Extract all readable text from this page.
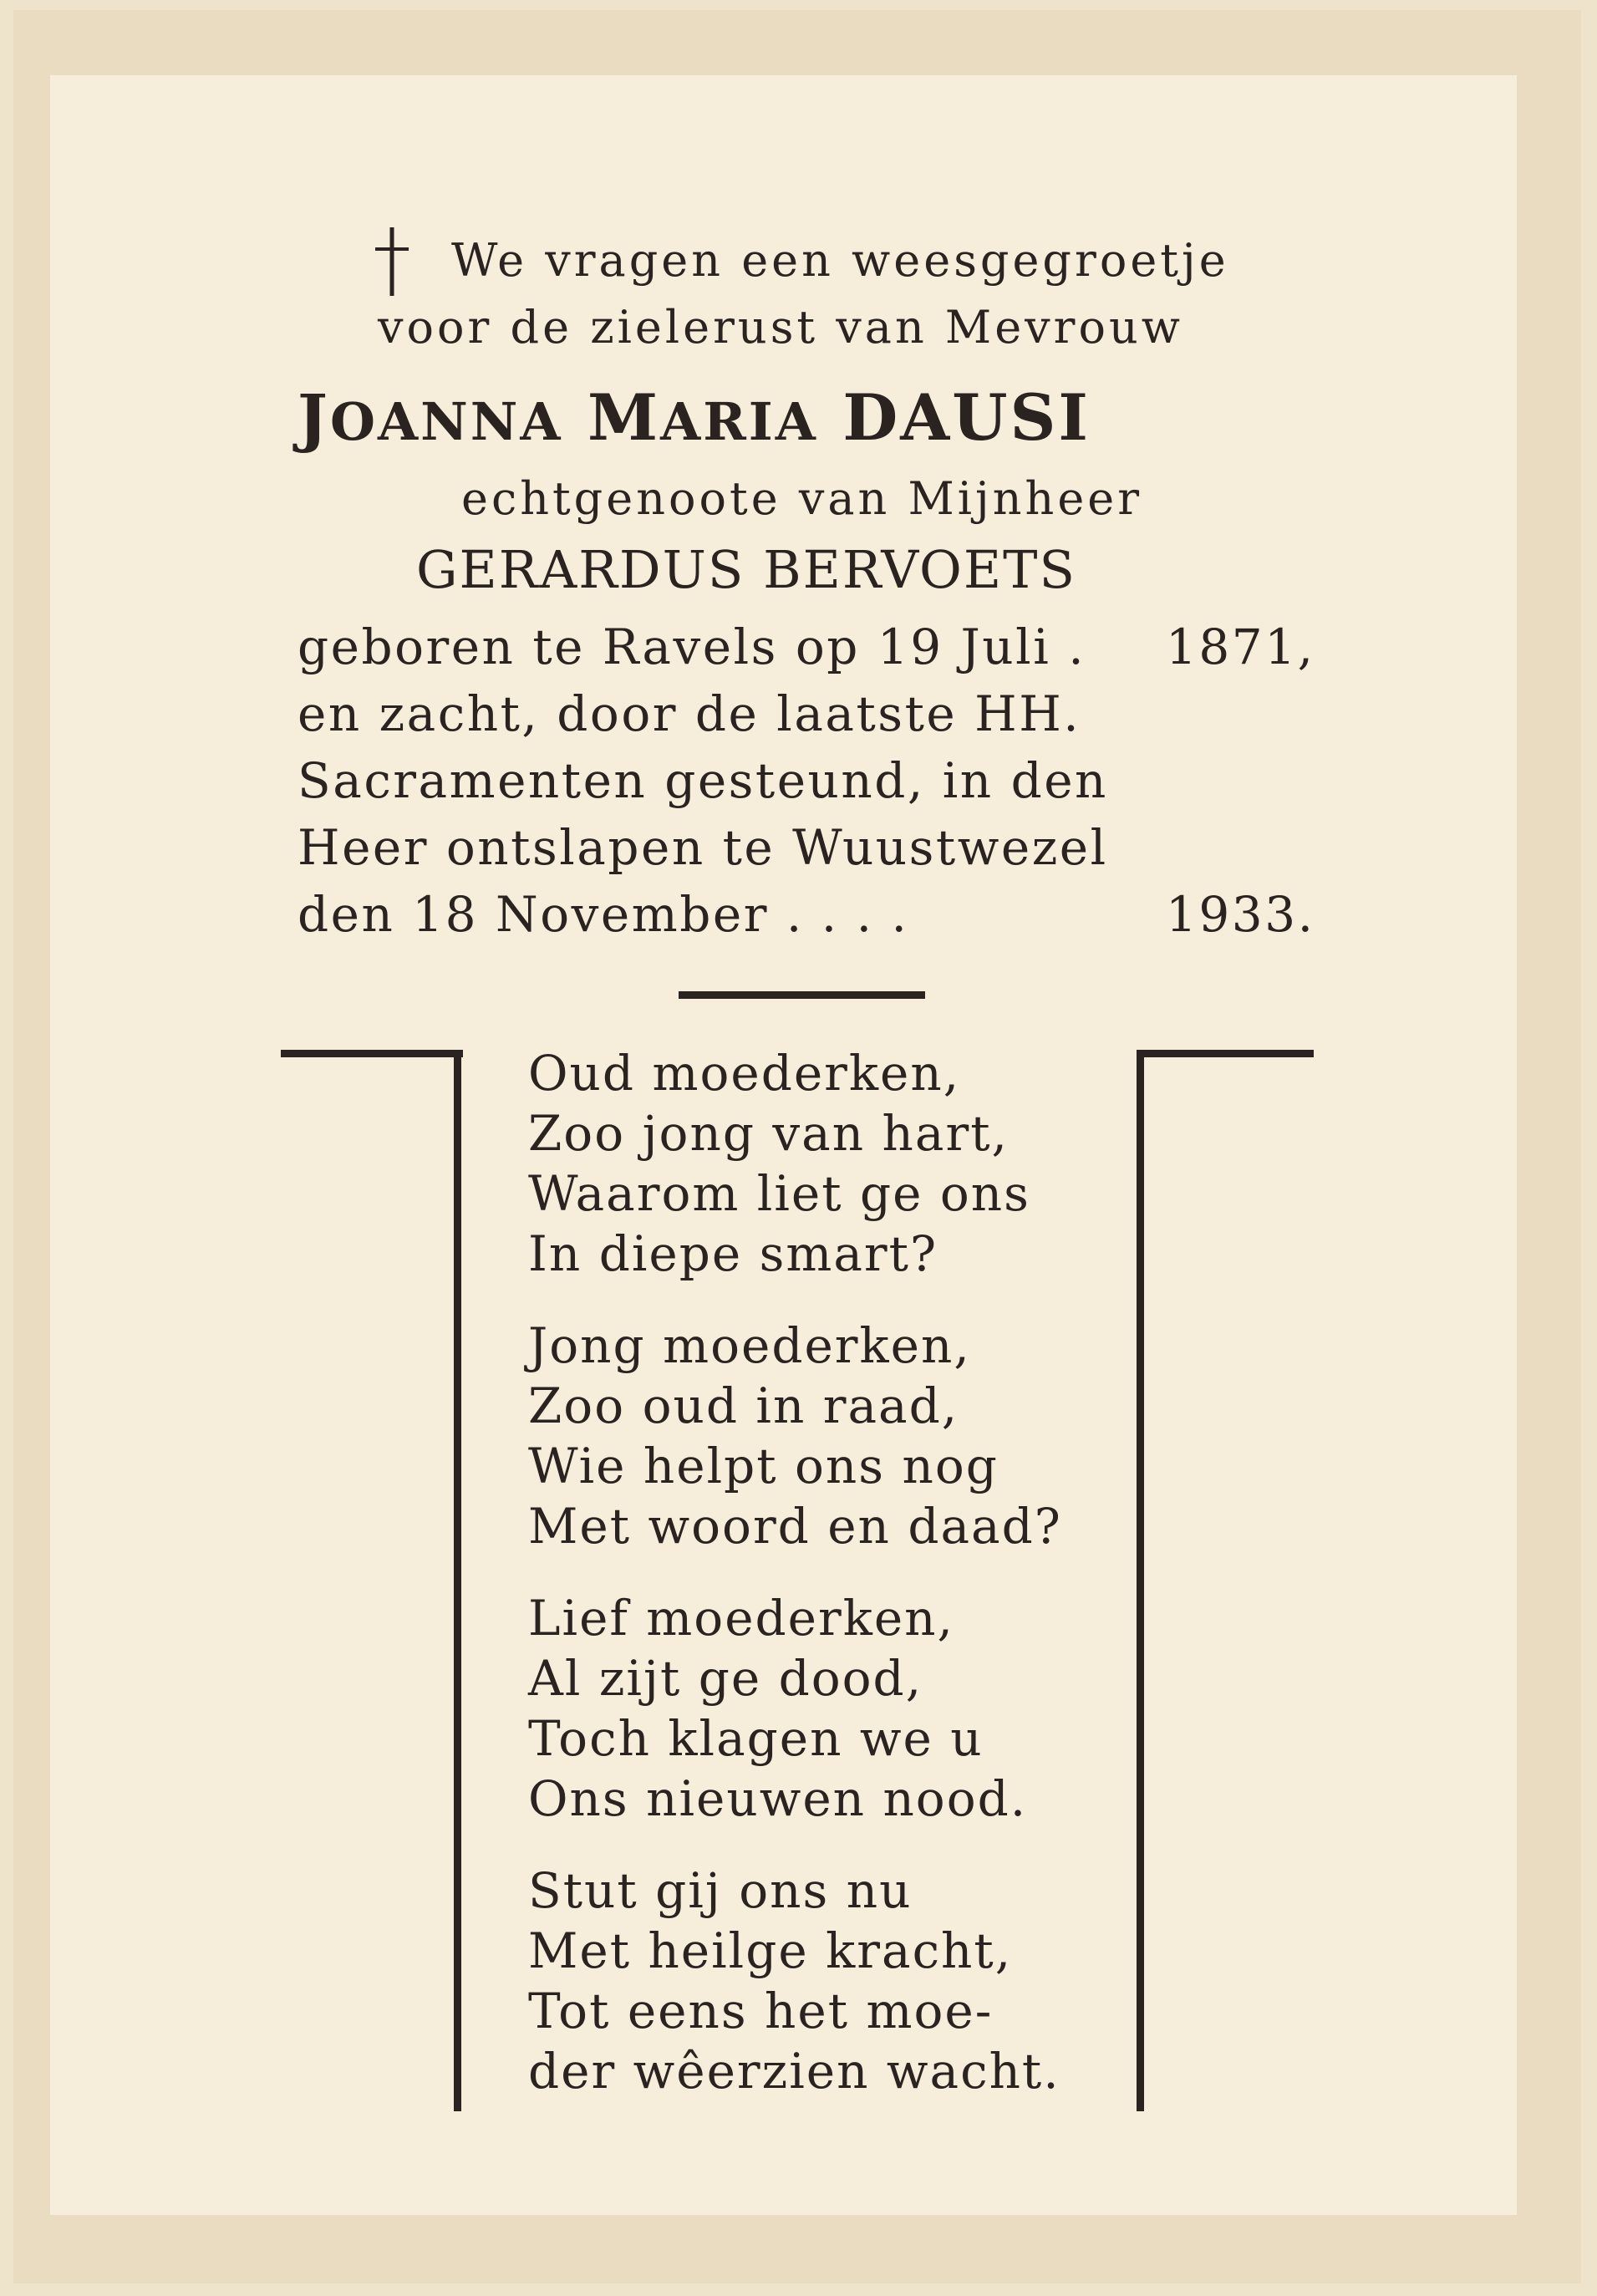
We vragen een weesgegroetje
voor de zielerust van Mevrouw
JOANNA MARIA DAUSI
echtgenoote van Mijnheer
GERARDUS BERVOETS
geboren te Ravels op 19 Juli . 1871,
en zacht, door de laatste HH.
Sacramenten gesteund, in den
Heer ontslapen te Wuustwezel
den 18 November . . . .	1933.
Oud moederken,
Zoo jong van hart,
Waarom liet ge ons
In diepe smart?
Jong moederken,
Zoo oud in raad,
Wie helpt ons nog
Met woord en daad?
Lief moederken,
Al zijt ge dood,
Toch klagen we u
Ons nieuwen nood.
Stut gij ons nu
Met heilge kracht,
Tot eens het moe-
der wêerzien wacht.
